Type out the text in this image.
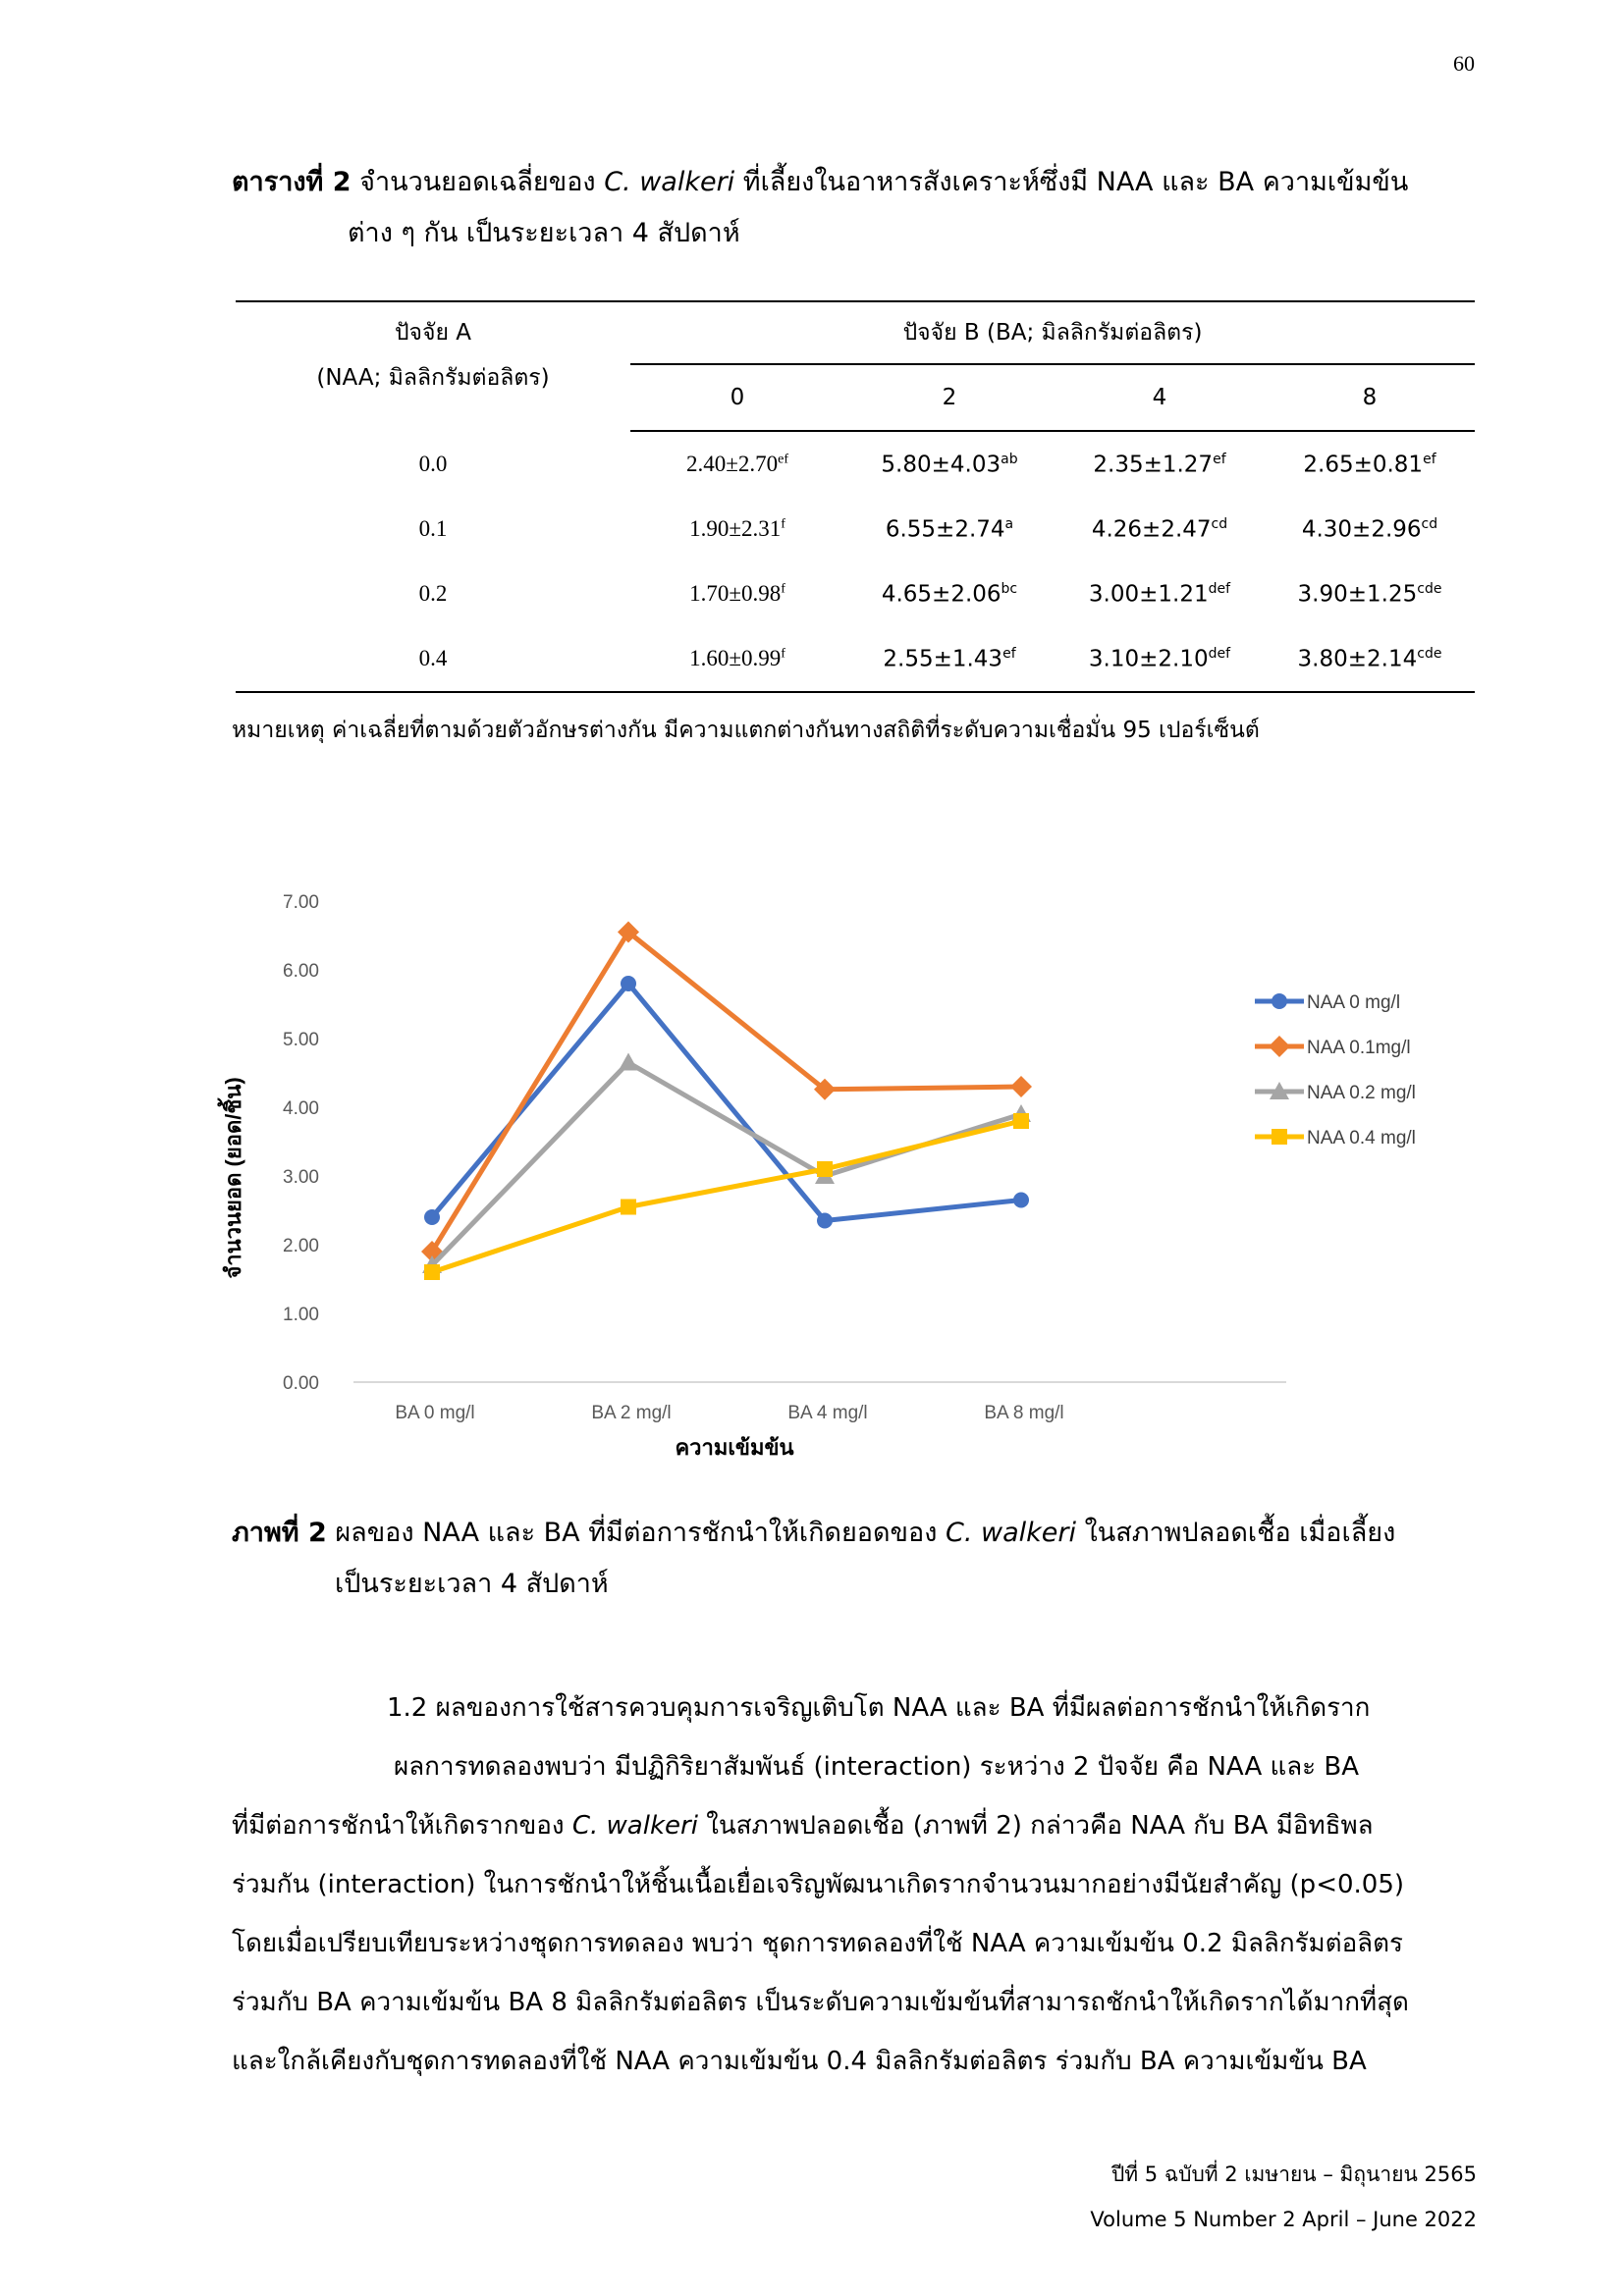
60
ตารางที่ 2 จำนวนยอดเฉลี่ยของ C. walkeri ที่เลี้ยงในอาหารสังเคราะห์ซึ่งมี NAA และ BA ความเข้มข้น
ต่าง ๆ กัน เป็นระยะเวลา 4 สัปดาห์
ปัจจัย A
(NAA; มิลลิกรัมต่อลิตร)	ปัจจัย B (BA; มิลลิกรัมต่อลิตร)			
	0	2	4	8
0.0	2.40±2.70$^{ef}$	5.80±4.03$^{ab}$	2.35±1.27$^{ef}$	2.65±0.81$^{ef}$
0.1	1.90±2.31$^f$	6.55±2.74$^a$	4.26±2.47$^{cd}$	4.30±2.96$^{cd}$
0.2	1.70±0.98$^f$	4.65±2.06$^{bc}$	3.00±1.21$^{def}$	3.90±1.25$^{cde}$
0.4	1.60±0.99$^f$	2.55±1.43$^{ef}$	3.10±2.10$^{def}$	3.80±2.14$^{cde}$
หมายเหตุ ค่าเฉลี่ยที่ตามด้วยตัวอักษรต่างกัน มีความแตกต่างกันทางสถิติที่ระดับความเชื่อมั่น 95 เปอร์เซ็นต์
0.00
1.00
2.00
3.00
4.00
5.00
6.00
7.00
BA 0 mg/l	BA 2 mg/l	BA 4 mg/l	BA 8 mg/l
NAA 0 mg/l
NAA 0.1mg/l
NAA 0.2 mg/l
NAA 0.4 mg/l
ความเข้มข้น
จำนวนยอด (ยอด/ชิ้น)
ภาพที่ 2 ผลของ NAA และ BA ที่มีต่อการชักนำให้เกิดยอดของ C. walkeri ในสภาพปลอดเชื้อ เมื่อเลี้ยง
เป็นระยะเวลา 4 สัปดาห์
1.2 ผลของการใช้สารควบคุมการเจริญเติบโต NAA และ BA ที่มีผลต่อการชักนำให้เกิดราก
ผลการทดลองพบว่า มีปฏิกิริยาสัมพันธ์ (interaction) ระหว่าง 2 ปัจจัย คือ NAA และ BA
ที่มีต่อการชักนำให้เกิดรากของ C. walkeri ในสภาพปลอดเชื้อ (ภาพที่ 2) กล่าวคือ NAA กับ BA มีอิทธิพล
ร่วมกัน (interaction) ในการชักนำให้ชิ้นเนื้อเยื่อเจริญพัฒนาเกิดรากจำนวนมากอย่างมีนัยสำคัญ (p<0.05)
โดยเมื่อเปรียบเทียบระหว่างชุดการทดลอง พบว่า ชุดการทดลองที่ใช้ NAA ความเข้มข้น 0.2 มิลลิกรัมต่อลิตร
ร่วมกับ BA ความเข้มข้น BA 8 มิลลิกรัมต่อลิตร เป็นระดับความเข้มข้นที่สามารถชักนำให้เกิดรากได้มากที่สุด
และใกล้เคียงกับชุดการทดลองที่ใช้ NAA ความเข้มข้น 0.4 มิลลิกรัมต่อลิตร ร่วมกับ BA ความเข้มข้น BA
ปีที่ 5 ฉบับที่ 2 เมษายน – มิถุนายน 2565
Volume 5 Number 2 April – June 2022
